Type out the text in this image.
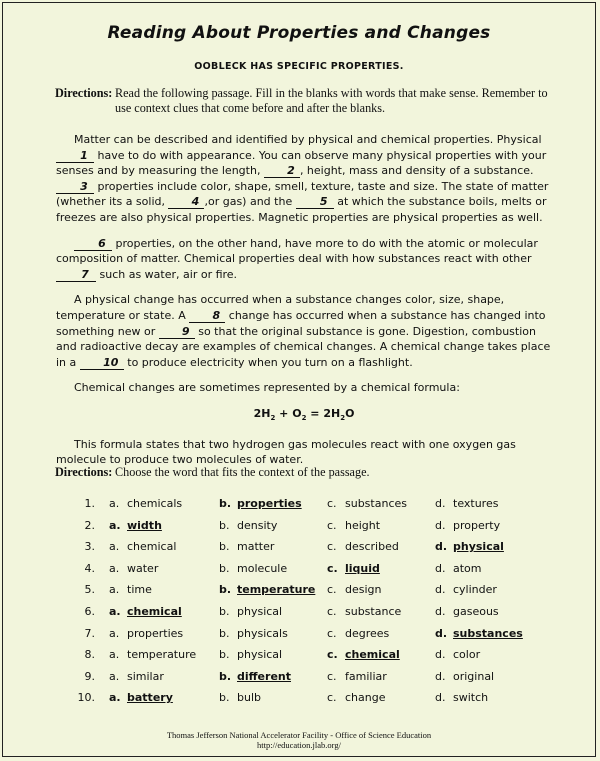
Reading About Properties and Changes
OOBLECK HAS SPECIFIC PROPERTIES.
Directions: Read the following passage. Fill in the blanks with words that make sense. Remember to use context clues that come before and after the blanks.

Matter can be described and identified by physical and chemical properties. Physical 1 have to do with appearance. You can observe many physical properties with your senses and by measuring the length, 2 , height, mass and density of a substance. 3 properties include color, shape, smell, texture, taste and size. The state of matter (whether its a solid, 4 ,or gas) and the 5 at which the substance boils, melts or freezes are also physical properties. Magnetic properties are physical properties as well.

6 properties, on the other hand, have more to do with the atomic or molecular composition of matter. Chemical properties deal with how substances react with other 7 such as water, air or fire.

A physical change has occurred when a substance changes color, size, shape, temperature or state. A 8 change has occurred when a substance has changed into something new or 9 so that the original substance is gone. Digestion, combustion and radioactive decay are examples of chemical changes. A chemical change takes place in a 10 to produce electricity when you turn on a flashlight.

Chemical changes are sometimes represented by a chemical formula:

$2H_2 + O_2 = 2H_2O$

This formula states that two hydrogen gas molecules react with one oxygen gas molecule to produce two molecules of water.

Directions: Choose the word that fits the context of the passage.
1. a. chemicals	b. properties c. substances	d. textures
2. a. width	b. density	c. height	d. property
3. a. chemical	b. matter	c. described	d. physical
4. a. water	b. molecule	c. liquid	d. atom
5. a. time	b. temperature c. design	d. cylinder
6. a. chemical	b. physical	c. substance	d. gaseous
7. a. properties	b. physicals	c. degrees	d. substances
8. a. temperature b. physical	c. chemical	d. color
9. a. similar	b. different	c. familiar	d. original
10. a. battery	b. bulb	c. change	d. switch
Thomas Jefferson National Accelerator Facility - Office of Science Education
http://education.jlab.org/
